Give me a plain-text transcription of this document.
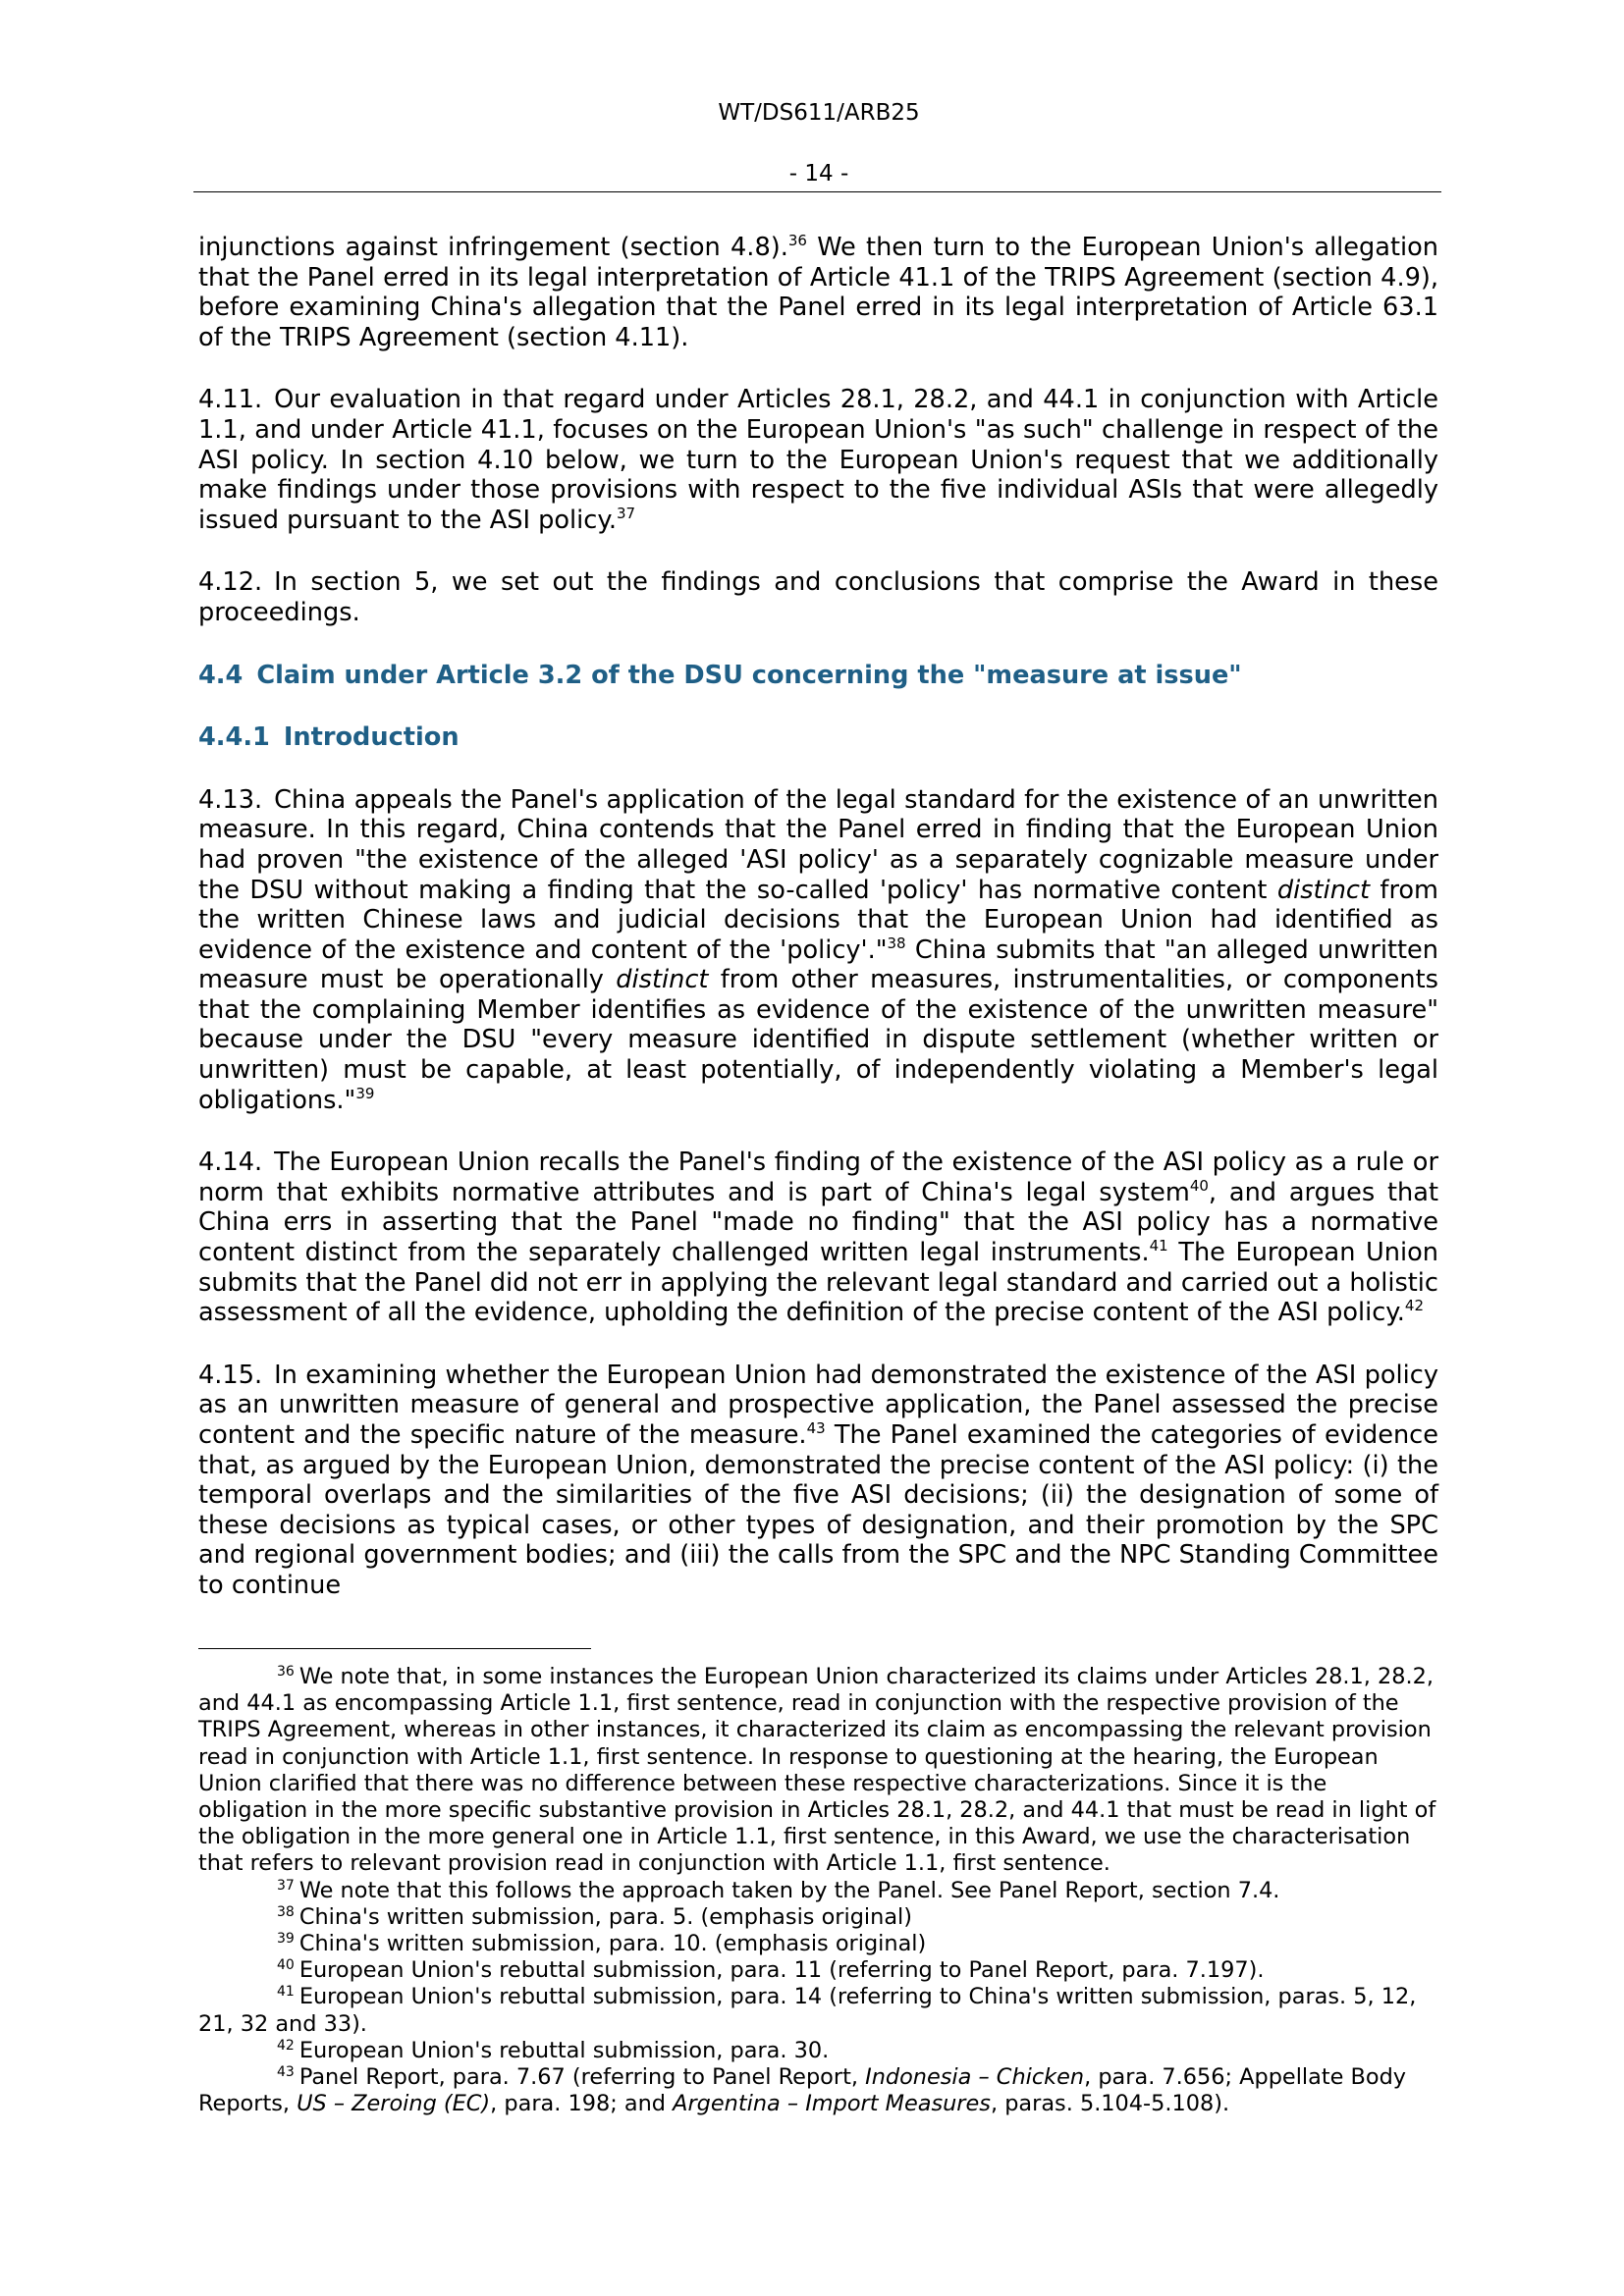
WT/DS611/ARB25
- 14 -

injunctions against infringement (section 4.8).$^{36}$ We then turn to the European Union's allegation that the Panel erred in its legal interpretation of Article 41.1 of the TRIPS Agreement (section 4.9), before examining China's allegation that the Panel erred in its legal interpretation of Article 63.1 of the TRIPS Agreement (section 4.11).

4.11. Our evaluation in that regard under Articles 28.1, 28.2, and 44.1 in conjunction with Article 1.1, and under Article 41.1, focuses on the European Union's "as such" challenge in respect of the ASI policy. In section 4.10 below, we turn to the European Union's request that we additionally make findings under those provisions with respect to the five individual ASIs that were allegedly issued pursuant to the ASI policy.$^{37}$

4.12. In section 5, we set out the findings and conclusions that comprise the Award in these proceedings.

4.4 Claim under Article 3.2 of the DSU concerning the "measure at issue"
4.4.1 Introduction

4.13. China appeals the Panel's application of the legal standard for the existence of an unwritten measure. In this regard, China contends that the Panel erred in finding that the European Union had proven "the existence of the alleged 'ASI policy' as a separately cognizable measure under the DSU without making a finding that the so-called 'policy' has normative content distinct from the written Chinese laws and judicial decisions that the European Union had identified as evidence of the existence and content of the 'policy'."$^{38}$ China submits that "an alleged unwritten measure must be operationally distinct from other measures, instrumentalities, or components that the complaining Member identifies as evidence of the existence of the unwritten measure" because under the DSU "every measure identified in dispute settlement (whether written or unwritten) must be capable, at least potentially, of independently violating a Member's legal obligations."$^{39}$

4.14. The European Union recalls the Panel's finding of the existence of the ASI policy as a rule or norm that exhibits normative attributes and is part of China's legal system$^{40}$, and argues that China errs in asserting that the Panel "made no finding" that the ASI policy has a normative content distinct from the separately challenged written legal instruments.$^{41}$ The European Union submits that the Panel did not err in applying the relevant legal standard and carried out a holistic assessment of all the evidence, upholding the definition of the precise content of the ASI policy.$^{42}$

4.15. In examining whether the European Union had demonstrated the existence of the ASI policy as an unwritten measure of general and prospective application, the Panel assessed the precise content and the specific nature of the measure.$^{43}$ The Panel examined the categories of evidence that, as argued by the European Union, demonstrated the precise content of the ASI policy: (i) the temporal overlaps and the similarities of the five ASI decisions; (ii) the designation of some of these decisions as typical cases, or other types of designation, and their promotion by the SPC and regional government bodies; and (iii) the calls from the SPC and the NPC Standing Committee to continue

$^{36}$ We note that, in some instances the European Union characterized its claims under Articles 28.1, 28.2, and 44.1 as encompassing Article 1.1, first sentence, read in conjunction with the respective provision of the TRIPS Agreement, whereas in other instances, it characterized its claim as encompassing the relevant provision read in conjunction with Article 1.1, first sentence. In response to questioning at the hearing, the European Union clarified that there was no difference between these respective characterizations. Since it is the obligation in the more specific substantive provision in Articles 28.1, 28.2, and 44.1 that must be read in light of the obligation in the more general one in Article 1.1, first sentence, in this Award, we use the characterisation that refers to relevant provision read in conjunction with Article 1.1, first sentence.

$^{37}$ We note that this follows the approach taken by the Panel. See Panel Report, section 7.4.

$^{38}$ China's written submission, para. 5. (emphasis original)

$^{39}$ China's written submission, para. 10. (emphasis original)

$^{40}$ European Union's rebuttal submission, para. 11 (referring to Panel Report, para. 7.197).

$^{41}$ European Union's rebuttal submission, para. 14 (referring to China's written submission, paras. 5, 12, 21, 32 and 33).

$^{42}$ European Union's rebuttal submission, para. 30.

$^{43}$ Panel Report, para. 7.67 (referring to Panel Report, Indonesia – Chicken, para. 7.656; Appellate Body Reports, US – Zeroing (EC), para. 198; and Argentina – Import Measures, paras. 5.104-5.108).
